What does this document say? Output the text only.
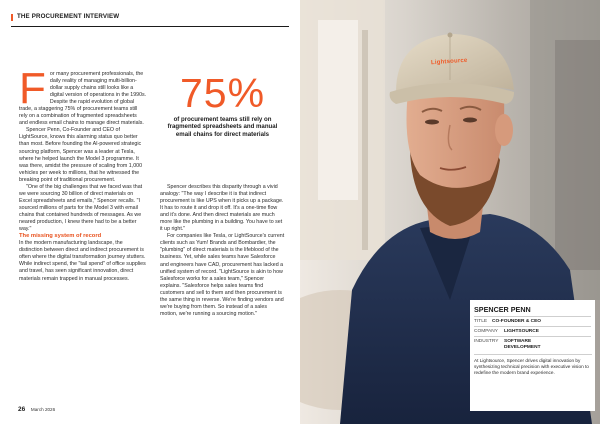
THE PROCUREMENT INTERVIEW
F or many procurement professionals, the daily reality of managing multi-billion-dollar supply chains still looks like a digital version of operations in the 1990s. Despite the rapid evolution of global trade, a staggering 75% of procurement teams still rely on a combination of fragmented spreadsheets and endless email chains to manage direct materials.

Spencer Penn, Co-Founder and CEO of LightSource, knows this alarming status quo better than most. Before founding the AI-powered strategic sourcing platform, Spencer was a leader at Tesla, where he helped launch the Model 3 programme. It was there, amidst the pressure of scaling from 1,000 vehicles per week to millions, that he witnessed the breaking point of traditional procurement.

"One of the big challenges that we faced was that we were sourcing 30 billion of direct materials on Excel spreadsheets and emails," Spencer recalls. "I sourced millions of parts for the Model 3 with email chains that contained hundreds of messages. As we neared production, I knew there had to be a better way."

The missing system of record

In the modern manufacturing landscape, the distinction between direct and indirect procurement is often where the digital transformation journey stutters. While indirect spend, the "tail spend" of office supplies and travel, has seen significant innovation, direct materials remain trapped in manual processes.

75%
of procurement teams still rely on fragmented spreadsheets and manual email chains for direct materials

Spencer describes this disparity through a vivid analogy: "The way I describe it is that indirect procurement is like UPS when it picks up a package. It has to route it and drop it off. It's a one-time flow and it's done. And then direct materials are much more like the plumbing in a building. You have to set it up right."

For companies like Tesla, or LightSource's current clients such as Yum! Brands and Bombardier, the "plumbing" of direct materials is the lifeblood of the business. Yet, while sales teams have Salesforce and engineers have CAD, procurement has lacked a unified system of record. "LightSource is akin to how Salesforce works for a sales team," Spencer explains. "Salesforce helps sales teams find customers and sell to them and then procurement is the same thing in reverse. We're finding vendors and we're buying from them. So instead of a sales motion, we're running a sourcing motion."

26 March 2026
Lightsource
SPENCER PENN
TITLE CO-FOUNDER & CEO
COMPANY LIGHTSOURCE
INDUSTRY SOFTWARE DEVELOPMENT
At Lightsource, Spencer drives digital innovation by synthesizing technical precision with executive vision to redefine the modern brand experience.
